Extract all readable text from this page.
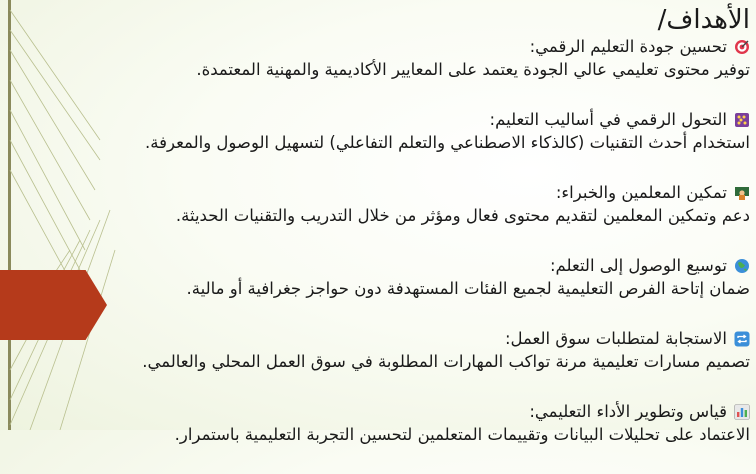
الأهداف/
تحسين جودة التعليم الرقمي:
توفير محتوى تعليمي عالي الجودة يعتمد على المعايير الأكاديمية والمهنية المعتمدة.
التحول الرقمي في أساليب التعليم:
استخدام أحدث التقنيات (كالذكاء الاصطناعي والتعلم التفاعلي) لتسهيل الوصول والمعرفة.
تمكين المعلمين والخبراء:
دعم وتمكين المعلمين لتقديم محتوى فعال ومؤثر من خلال التدريب والتقنيات الحديثة.
توسيع الوصول إلى التعلم:
ضمان إتاحة الفرص التعليمية لجميع الفئات المستهدفة دون حواجز جغرافية أو مالية.
الاستجابة لمتطلبات سوق العمل:
تصميم مسارات تعليمية مرنة تواكب المهارات المطلوبة في سوق العمل المحلي والعالمي.
قياس وتطوير الأداء التعليمي:
الاعتماد على تحليلات البيانات وتقييمات المتعلمين لتحسين التجربة التعليمية باستمرار.
